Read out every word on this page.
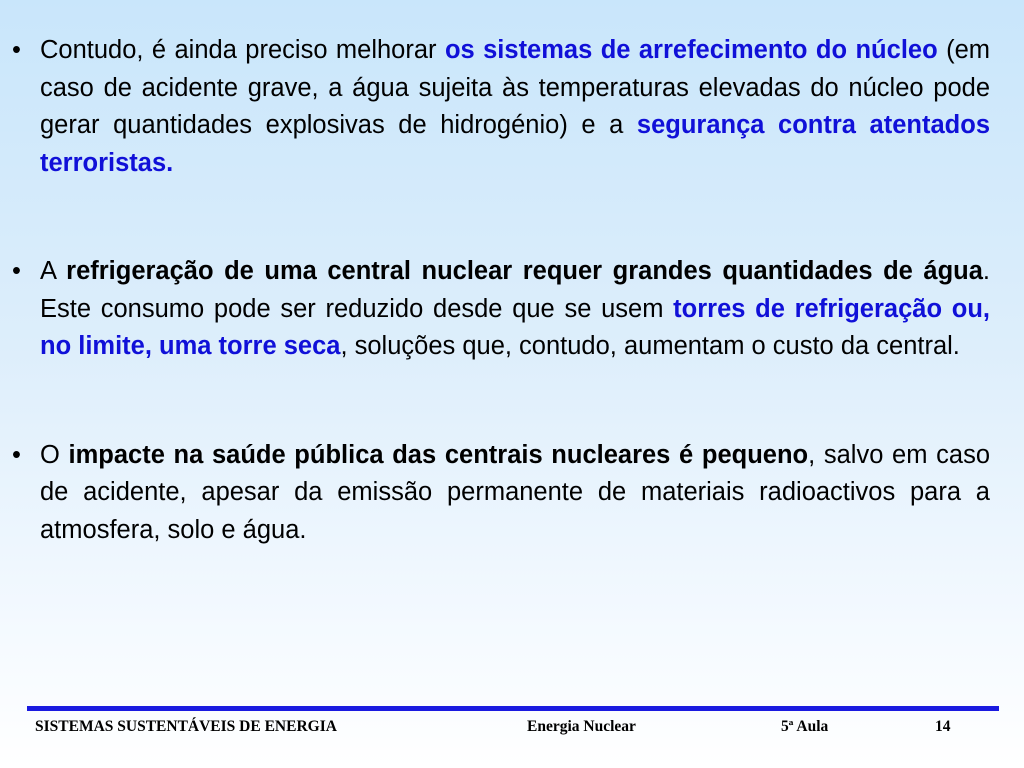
• Contudo, é ainda preciso melhorar os sistemas de arrefecimento do núcleo (em caso de acidente grave, a água sujeita às temperaturas elevadas do núcleo pode gerar quantidades explosivas de hidrogénio) e a segurança contra atentados terroristas.
• A refrigeração de uma central nuclear requer grandes quantidades de água. Este consumo pode ser reduzido desde que se usem torres de refrigeração ou, no limite, uma torre seca, soluções que, contudo, aumentam o custo da central.
• O impacte na saúde pública das centrais nucleares é pequeno, salvo em caso de acidente, apesar da emissão permanente de materiais radioactivos para a atmosfera, solo e água.
SISTEMAS SUSTENTÁVEIS DE ENERGIA	Energia Nuclear	5ª Aula	14
